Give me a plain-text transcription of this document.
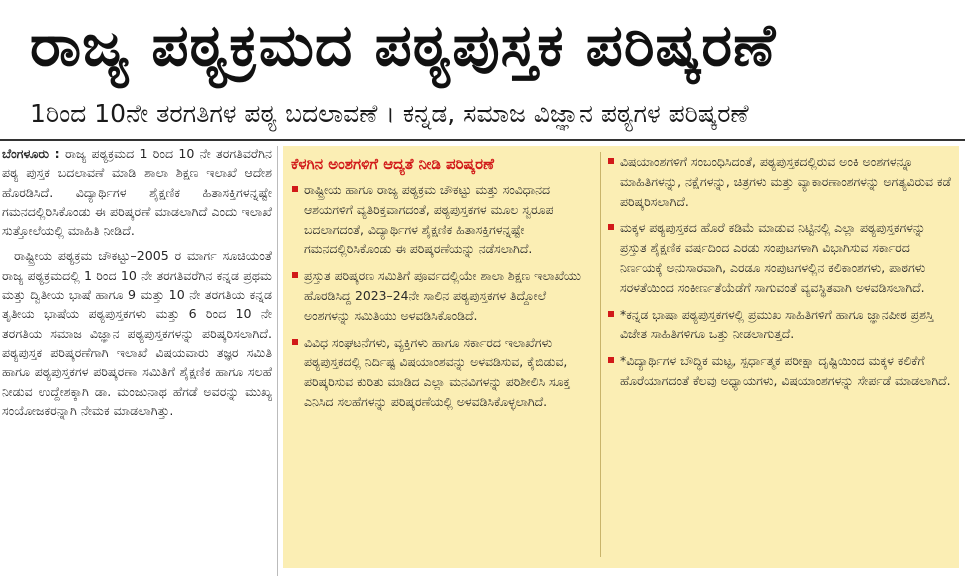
ರಾಜ್ಯ ಪಠ್ಯಕ್ರಮದ ಪಠ್ಯಪುಸ್ತಕ ಪರಿಷ್ಕರಣೆ
1ರಿಂದ 10ನೇ ತರಗತಿಗಳ ಪಠ್ಯ ಬದಲಾವಣೆ । ಕನ್ನಡ, ಸಮಾಜ ವಿಜ್ಞಾನ ಪಠ್ಯಗಳ ಪರಿಷ್ಕರಣೆ

ಬೆಂಗಳೂರು : ರಾಜ್ಯ ಪಠ್ಯಕ್ರಮದ 1 ರಿಂದ 10 ನೇ ತರಗತಿವರೆಗಿನ ಪಠ್ಯ ಪುಸ್ತಕ ಬದಲಾವಣೆ ಮಾಡಿ ಶಾಲಾ ಶಿಕ್ಷಣ ಇಲಾಖೆ ಆದೇಶ ಹೊರಡಿಸಿದೆ. ವಿದ್ಯಾರ್ಥಿಗಳ ಶೈಕ್ಷಣಿಕ ಹಿತಾಸಕ್ತಿಗಳನ್ನಷ್ಟೇ ಗಮನದಲ್ಲಿರಿಸಿಕೊಂಡು ಈ ಪರಿಷ್ಕರಣೆ ಮಾಡಲಾಗಿದೆ ಎಂದು ಇಲಾಖೆ ಸುತ್ತೋಲೆಯಲ್ಲಿ ಮಾಹಿತಿ ನೀಡಿದೆ.

ರಾಷ್ಟ್ರೀಯ ಪಠ್ಯಕ್ರಮ ಚೌಕಟ್ಟು–2005 ರ ಮಾರ್ಗ ಸೂಚಿಯಂತೆ ರಾಜ್ಯ ಪಠ್ಯಕ್ರಮದಲ್ಲಿ 1 ರಿಂದ 10 ನೇ ತರಗತಿವರೆಗಿನ ಕನ್ನಡ ಪ್ರಥಮ ಮತ್ತು ದ್ವಿತೀಯ ಭಾಷೆ ಹಾಗೂ 9 ಮತ್ತು 10 ನೇ ತರಗತಿಯ ಕನ್ನಡ ತೃತೀಯ ಭಾಷೆಯ ಪಠ್ಯಪುಸ್ತಕಗಳು ಮತ್ತು 6 ರಿಂದ 10 ನೇ ತರಗತಿಯ ಸಮಾಜ ವಿಜ್ಞಾನ ಪಠ್ಯಪುಸ್ತಕಗಳನ್ನು ಪರಿಷ್ಕರಿಸಲಾಗಿದೆ. ಪಠ್ಯಪುಸ್ತಕ ಪರಿಷ್ಕರಣೆಗಾಗಿ ಇಲಾಖೆ ವಿಷಯವಾರು ತಜ್ಞರ ಸಮಿತಿ ಹಾಗೂ ಪಠ್ಯಪುಸ್ತಕಗಳ ಪರಿಷ್ಕರಣಾ ಸಮಿತಿಗೆ ಶೈಕ್ಷಣಿಕ ಹಾಗೂ ಸಲಹೆ ನೀಡುವ ಉದ್ದೇಶಕ್ಕಾಗಿ ಡಾ. ಮಂಜುನಾಥ ಹೆಗಡೆ ಅವರನ್ನು ಮುಖ್ಯ ಸಂಯೋಜಕರನ್ನಾಗಿ ನೇಮಕ ಮಾಡಲಾಗಿತ್ತು.

ಕೆಳಗಿನ ಅಂಶಗಳಿಗೆ ಆದ್ಯತೆ ನೀಡಿ ಪರಿಷ್ಕರಣೆ
ರಾಷ್ಟ್ರೀಯ ಹಾಗೂ ರಾಜ್ಯ ಪಠ್ಯಕ್ರಮ ಚೌಕಟ್ಟು ಮತ್ತು ಸಂವಿಧಾನದ ಆಶಯಗಳಿಗೆ ವ್ಯತಿರಿಕ್ತವಾಗದಂತೆ, ಪಠ್ಯಪುಸ್ತಕಗಳ ಮೂಲ ಸ್ವರೂಪ ಬದಲಾಗದಂತೆ, ವಿದ್ಯಾರ್ಥಿಗಳ ಶೈಕ್ಷಣಿಕ ಹಿತಾಸಕ್ತಿಗಳನ್ನಷ್ಟೇ ಗಮನದಲ್ಲಿರಿಸಿಕೊಂಡು ಈ ಪರಿಷ್ಕರಣೆಯನ್ನು ನಡೆಸಲಾಗಿದೆ.
ಪ್ರಸ್ತುತ ಪರಿಷ್ಕರಣ ಸಮಿತಿಗೆ ಪೂರ್ವದಲ್ಲಿಯೇ ಶಾಲಾ ಶಿಕ್ಷಣ ಇಲಾಖೆಯು ಹೊರಡಿಸಿದ್ದ 2023–24ನೇ ಸಾಲಿನ ಪಠ್ಯಪುಸ್ತಕಗಳ ತಿದ್ದೋಲೆ ಅಂಶಗಳನ್ನು ಸಮಿತಿಯು ಅಳವಡಿಸಿಕೊಂಡಿದೆ.
ವಿವಿಧ ಸಂಘಟನೆಗಳು, ವ್ಯಕ್ತಿಗಳು ಹಾಗೂ ಸರ್ಕಾರದ ಇಲಾಖೆಗಳು ಪಠ್ಯಪುಸ್ತಕದಲ್ಲಿ ನಿರ್ದಿಷ್ಟ ವಿಷಯಾಂಶವನ್ನು ಅಳವಡಿಸುವ, ಕೈಬಿಡುವ, ಪರಿಷ್ಕರಿಸುವ ಕುರಿತು ಮಾಡಿದ ಎಲ್ಲಾ ಮನವಿಗಳನ್ನು ಪರಿಶೀಲಿಸಿ ಸೂಕ್ತ ಎನಿಸಿದ ಸಲಹೆಗಳನ್ನು ಪರಿಷ್ಕರಣೆಯಲ್ಲಿ ಅಳವಡಿಸಿಕೊಳ್ಳಲಾಗಿದೆ.
ವಿಷಯಾಂಶಗಳಿಗೆ ಸಂಬಂಧಿಸಿದಂತೆ, ಪಠ್ಯಪುಸ್ತಕದಲ್ಲಿರುವ ಅಂಕಿ ಅಂಶಗಳನ್ನೂ ಮಾಹಿತಿಗಳನ್ನು, ನಕ್ಷೆಗಳನ್ನು, ಚಿತ್ರಗಳು ಮತ್ತು ವ್ಯಾಕಾರಣಾಂಶಗಳನ್ನು ಅಗತ್ಯವಿರುವ ಕಡೆ ಪರಿಷ್ಕರಿಸಲಾಗಿದೆ.
ಮಕ್ಕಳ ಪಠ್ಯಪುಸ್ತಕದ ಹೊರೆ ಕಡಿಮೆ ಮಾಡುವ ನಿಟ್ಟಿನಲ್ಲಿ ಎಲ್ಲಾ ಪಠ್ಯಪುಸ್ತಕಗಳನ್ನು ಪ್ರಸ್ತುತ ಶೈಕ್ಷಣಿಕ ವರ್ಷದಿಂದ ಎರಡು ಸಂಪುಟಗಳಾಗಿ ವಿಭಾಗಿಸುವ ಸರ್ಕಾರದ ನಿರ್ಣಯಕ್ಕೆ ಅನುಸಾರವಾಗಿ, ಎರಡೂ ಸಂಪುಟಗಳಲ್ಲಿನ ಕಲಿಕಾಂಶಗಳು, ಪಾಠಗಳು ಸರಳತೆಯಿಂದ ಸಂಕೀರ್ಣತೆಯೆಡೆಗೆ ಸಾಗುವಂತೆ ವ್ಯವಸ್ಥಿತವಾಗಿ ಅಳವಡಿಸಲಾಗಿದೆ.
*ಕನ್ನಡ ಭಾಷಾ ಪಠ್ಯಪುಸ್ತಕಗಳಲ್ಲಿ ಪ್ರಮುಖ ಸಾಹಿತಿಗಳಿಗೆ ಹಾಗೂ ಜ್ಞಾನಪೀಠ ಪ್ರಶಸ್ತಿ ವಿಜೇತ ಸಾಹಿತಿಗಳಿಗೂ ಒತ್ತು ನೀಡಲಾಗುತ್ತದೆ.
*ವಿದ್ಯಾರ್ಥಿಗಳ ಬೌದ್ಧಿಕ ಮಟ್ಟ, ಸ್ಪರ್ಧಾತ್ಮಕ ಪರೀಕ್ಷಾ ದೃಷ್ಟಿಯಿಂದ ಮಕ್ಕಳ ಕಲಿಕೆಗೆ ಹೊರೆಯಾಗದಂತೆ ಕೆಲವು ಅಧ್ಯಾಯಗಳು, ವಿಷಯಾಂಶಗಳನ್ನು ಸೇರ್ಪಡೆ ಮಾಡಲಾಗಿದೆ.
